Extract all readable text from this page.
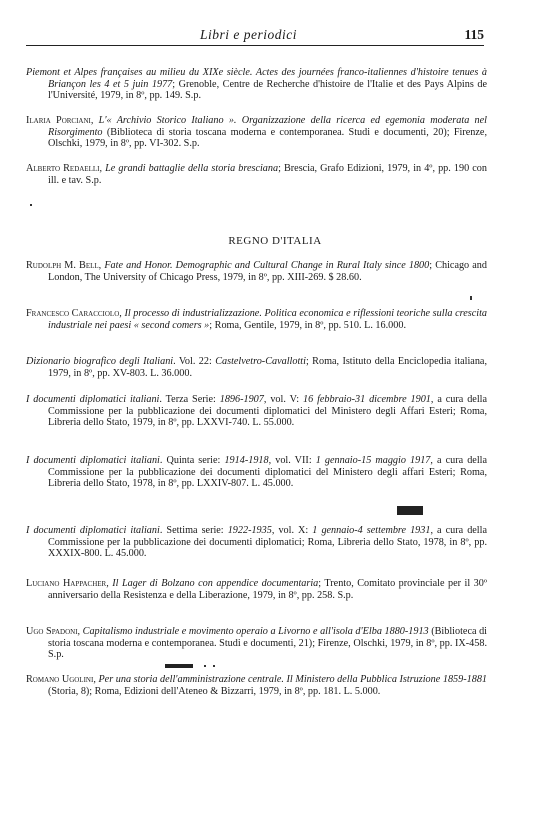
Libri e periodici	115
Piemont et Alpes françaises au milieu du XIXe siècle. Actes des journées franco-italiennes d'histoire tenues à Briançon les 4 et 5 juin 1977; Grenoble, Centre de Recherche d'histoire de l'Italie et des Pays Alpins de l'Université, 1979, in 8º, pp. 149. S.p.
Ilaria Porciani, L'« Archivio Storico Italiano ». Organizzazione della ricerca ed egemonia moderata nel Risorgimento (Biblioteca di storia toscana moderna e contemporanea. Studi e documenti, 20); Firenze, Olschki, 1979, in 8º, pp. VI-302. S.p.
Alberto Redaelli, Le grandi battaglie della storia bresciana; Brescia, Grafo Edizioni, 1979, in 4º, pp. 190 con ill. e tav. S.p.
REGNO D'ITALIA
Rudolph M. Bell, Fate and Honor. Demographic and Cultural Change in Rural Italy since 1800; Chicago and London, The University of Chicago Press, 1979, in 8º, pp. XIII-269. $ 28.60.
Francesco Caracciolo, Il processo di industrializzazione. Politica economica e riflessioni teoriche sulla crescita industriale nei paesi « second comers »; Roma, Gentile, 1979, in 8º, pp. 510. L. 16.000.
Dizionario biografico degli Italiani. Vol. 22: Castelvetro-Cavallotti; Roma, Istituto della Enciclopedia italiana, 1979, in 8º, pp. XV-803. L. 36.000.
I documenti diplomatici italiani. Terza Serie: 1896-1907, vol. V: 16 febbraio-31 dicembre 1901, a cura della Commissione per la pubblicazione dei documenti diplomatici del Ministero degli Affari Esteri; Roma, Libreria dello Stato, 1979, in 8º, pp. LXXVI-740. L. 55.000.
I documenti diplomatici italiani. Quinta serie: 1914-1918, vol. VII: 1 gennaio-15 maggio 1917, a cura della Commissione per la pubblicazione dei documenti diplomatici del Ministero degli affari Esteri; Roma, Libreria dello Stato, 1978, in 8º, pp. LXXIV-807. L. 45.000.
I documenti diplomatici italiani. Settima serie: 1922-1935, vol. X: 1 gennaio-4 settembre 1931, a cura della Commissione per la pubblicazione dei documenti diplomatici; Roma, Libreria dello Stato, 1978, in 8º, pp. XXXIX-800. L. 45.000.
Luciano Happacher, Il Lager di Bolzano con appendice documentaria; Trento, Comitato provinciale per il 30º anniversario della Resistenza e della Liberazione, 1979, in 8º, pp. 258. S.p.
Ugo Spadoni, Capitalismo industriale e movimento operaio a Livorno e all'isola d'Elba 1880-1913 (Biblioteca di storia toscana moderna e contemporanea. Studi e documenti, 21); Firenze, Olschki, 1979, in 8º, pp. IX-458. S.p.
Romano Ugolini, Per una storia dell'amministrazione centrale. Il Ministero della Pubblica Istruzione 1859-1881 (Storia, 8); Roma, Edizioni dell'Ateneo & Bizzarri, 1979, in 8º, pp. 181. L. 5.000.
